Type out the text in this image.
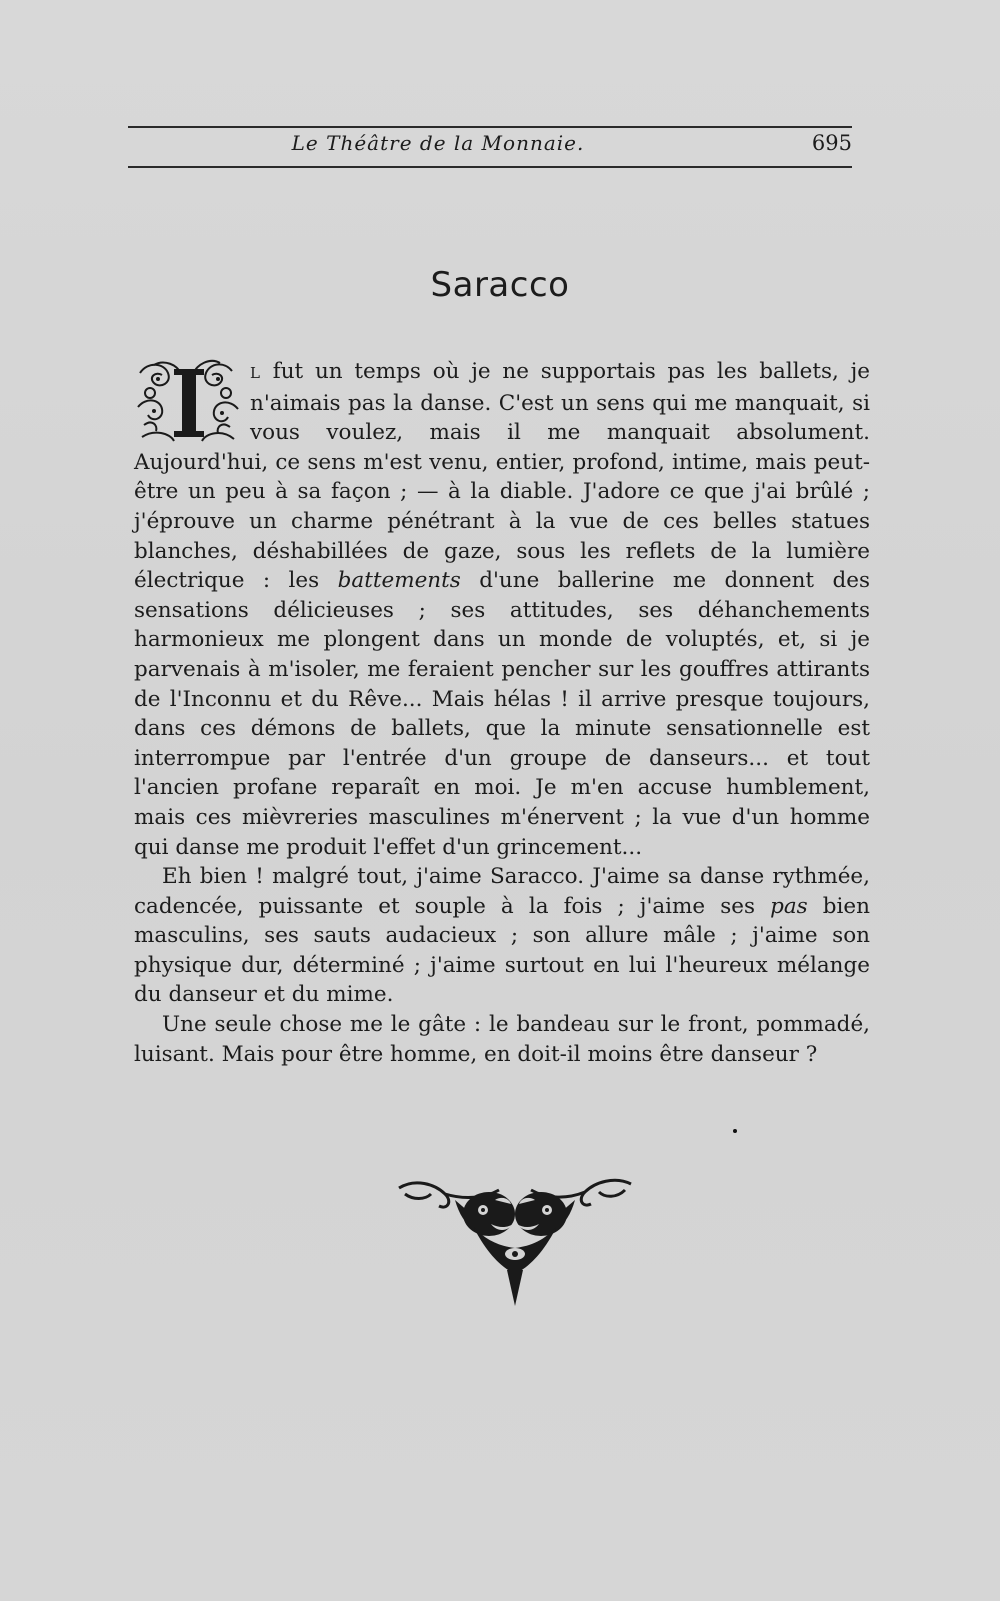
Le Théâtre de la Monnaie.	695
Saracco

L fut un temps où je ne supportais pas les ballets, je n'aimais pas la danse. C'est un sens qui me manquait, si vous voulez, mais il me manquait absolument. Aujourd'hui, ce sens m'est venu, entier, profond, intime, mais peut-être un peu à sa façon ; — à la diable. J'adore ce que j'ai brûlé ; j'éprouve un charme pénétrant à la vue de ces belles statues blanches, déshabillées de gaze, sous les reflets de la lumière électrique : les battements d'une ballerine me donnent des sensations délicieuses ; ses attitudes, ses déhanchements harmonieux me plongent dans un monde de voluptés, et, si je parvenais à m'isoler, me feraient pencher sur les gouffres attirants de l'Inconnu et du Rêve... Mais hélas ! il arrive presque toujours, dans ces démons de ballets, que la minute sensationnelle est interrompue par l'entrée d'un groupe de danseurs... et tout l'ancien profane reparaît en moi. Je m'en accuse humblement, mais ces mièvreries masculines m'énervent ; la vue d'un homme qui danse me produit l'effet d'un grincement...

Eh bien ! malgré tout, j'aime Saracco. J'aime sa danse rythmée, cadencée, puissante et souple à la fois ; j'aime ses pas bien masculins, ses sauts audacieux ; son allure mâle ; j'aime son physique dur, déterminé ; j'aime surtout en lui l'heureux mélange du danseur et du mime.

Une seule chose me le gâte : le bandeau sur le front, pommadé, luisant. Mais pour être homme, en doit-il moins être danseur ?
